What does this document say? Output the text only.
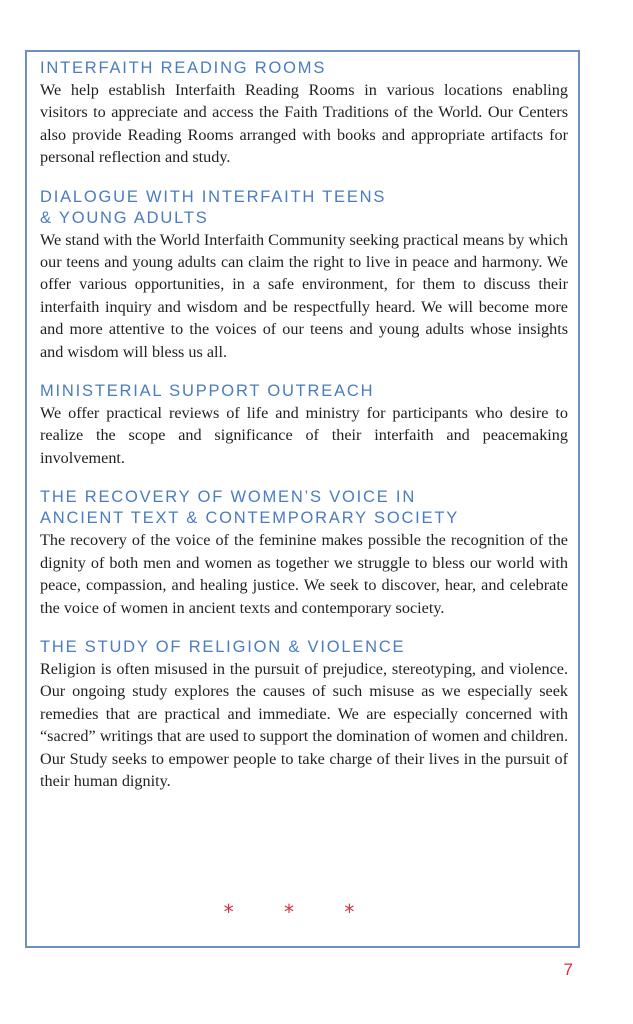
INTERFAITH READING ROOMS

We help establish Interfaith Reading Rooms in various locations enabling visitors to appreciate and access the Faith Traditions of the World. Our Centers also provide Reading Rooms arranged with books and appropriate artifacts for personal reflection and study.

DIALOGUE WITH INTERFAITH TEENS
& YOUNG ADULTS

We stand with the World Interfaith Community seeking practical means by which our teens and young adults can claim the right to live in peace and harmony. We offer various opportunities, in a safe environment, for them to discuss their interfaith inquiry and wisdom and be respectfully heard. We will become more and more attentive to the voices of our teens and young adults whose insights and wisdom will bless us all.

MINISTERIAL SUPPORT OUTREACH

We offer practical reviews of life and ministry for participants who desire to realize the scope and significance of their interfaith and peacemaking involvement.

THE RECOVERY OF WOMEN’S VOICE IN
ANCIENT TEXT & CONTEMPORARY SOCIETY

The recovery of the voice of the feminine makes possible the recognition of the dignity of both men and women as together we struggle to bless our world with peace, compassion, and healing justice. We seek to discover, hear, and celebrate the voice of women in ancient texts and contemporary society.

THE STUDY OF RELIGION & VIOLENCE

Religion is often misused in the pursuit of prejudice, stereotyping, and violence. Our ongoing study explores the causes of such misuse as we especially seek remedies that are practical and immediate. We are especially concerned with “sacred” writings that are used to support the domination of women and children. Our Study seeks to empower people to take charge of their lives in the pursuit of their human dignity.

* * *
7
